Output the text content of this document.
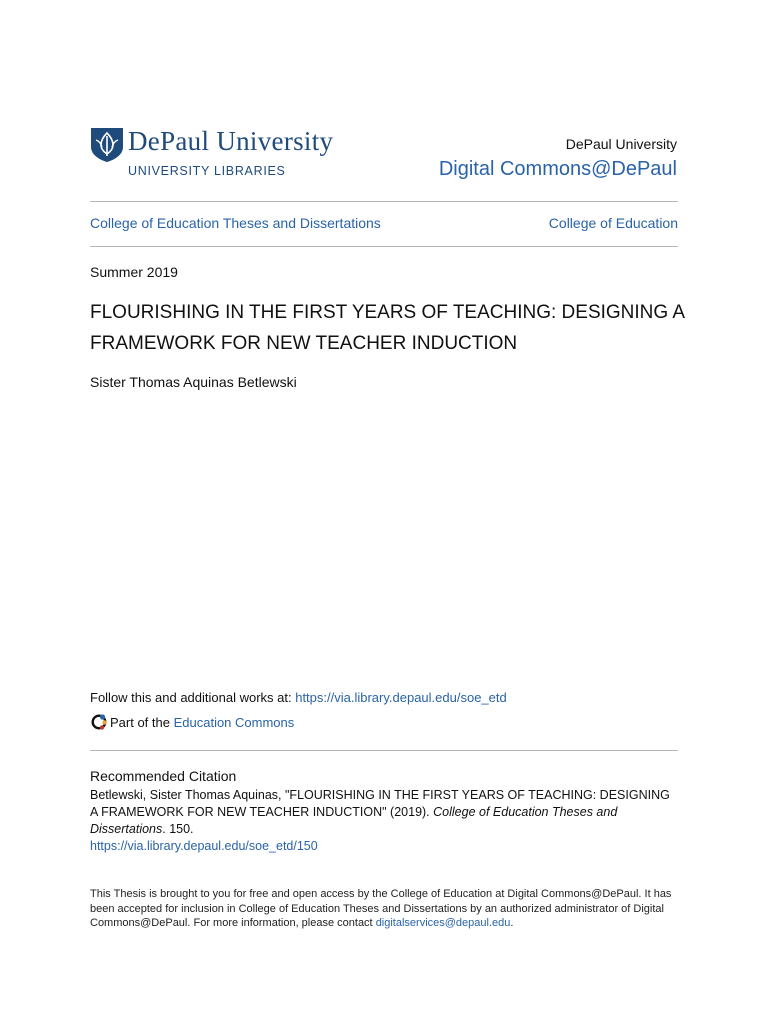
DePaul University
UNIVERSITY LIBRARIES
DePaul University
Digital Commons@DePaul
College of Education Theses and Dissertations	College of Education
Summer 2019
FLOURISHING IN THE FIRST YEARS OF TEACHING: DESIGNING A FRAMEWORK FOR NEW TEACHER INDUCTION
Sister Thomas Aquinas Betlewski
Follow this and additional works at: https://via.library.depaul.edu/soe_etd
Part of the Education Commons
Recommended Citation
Betlewski, Sister Thomas Aquinas, "FLOURISHING IN THE FIRST YEARS OF TEACHING: DESIGNING A FRAMEWORK FOR NEW TEACHER INDUCTION" (2019). College of Education Theses and Dissertations. 150.
https://via.library.depaul.edu/soe_etd/150
This Thesis is brought to you for free and open access by the College of Education at Digital Commons@DePaul. It has been accepted for inclusion in College of Education Theses and Dissertations by an authorized administrator of Digital Commons@DePaul. For more information, please contact digitalservices@depaul.edu.
